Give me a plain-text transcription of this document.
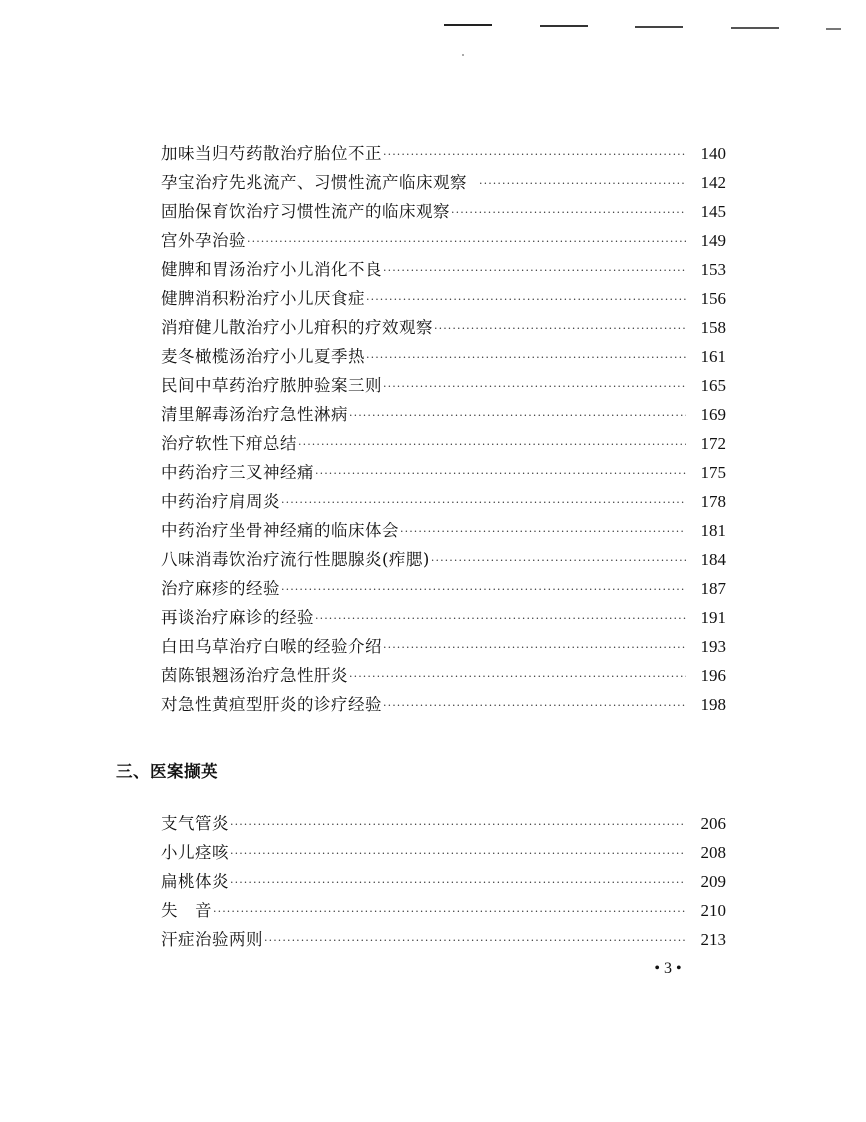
加味当归芍药散治疗胎位不正 ·····	140
孕宝治疗先兆流产、习惯性流产临床观察 ·····	142
固胎保育饮治疗习惯性流产的临床观察 ·····	145
宫外孕治验 ·····	149
健脾和胃汤治疗小儿消化不良 ·····	153
健脾消积粉治疗小儿厌食症 ·····	156
消疳健儿散治疗小儿疳积的疗效观察 ·····	158
麦冬橄榄汤治疗小儿夏季热 ·····	161
民间中草药治疗脓肿验案三则 ·····	165
清里解毒汤治疗急性淋病 ·····	169
治疗软性下疳总结 ·····	172
中药治疗三叉神经痛 ·····	175
中药治疗肩周炎 ·····	178
中药治疗坐骨神经痛的临床体会 ·····	181
八味消毒饮治疗流行性腮腺炎(痄腮) ·····	184
治疗麻疹的经验 ·····	187
再谈治疗麻诊的经验 ·····	191
白田乌草治疗白喉的经验介绍 ·····	193
茵陈银翘汤治疗急性肝炎 ·····	196
对急性黄疸型肝炎的诊疗经验 ·····	198
三、医案撷英
支气管炎 ·····	206
小儿痉咳 ·····	208
扁桃体炎 ·····	209
失　音 ·····	210
汗症治验两则 ·····	213
• 3 •
